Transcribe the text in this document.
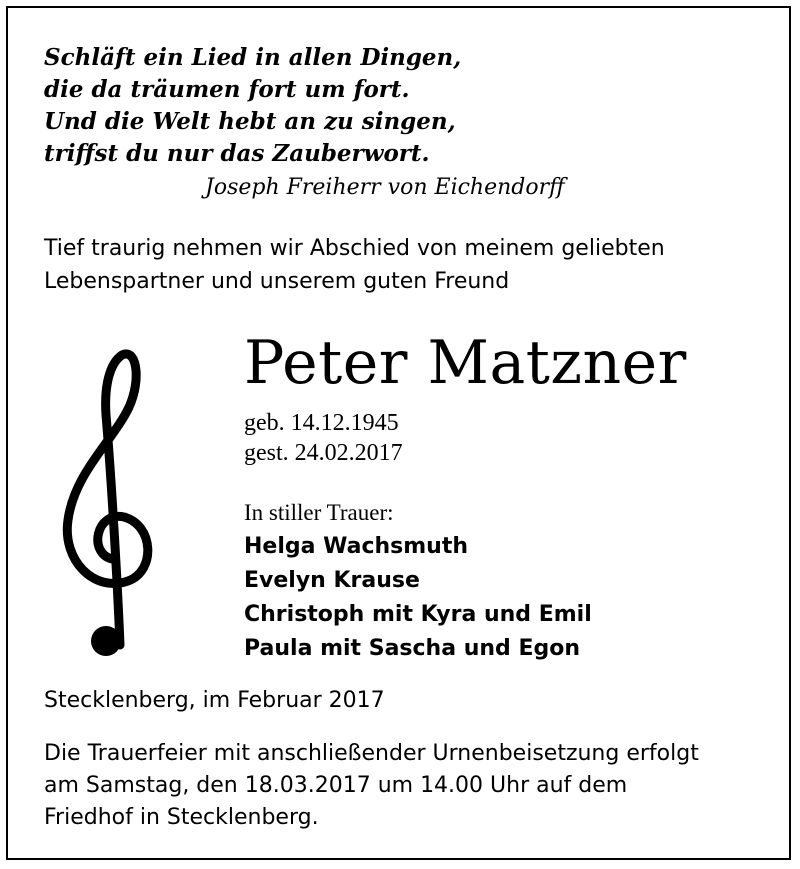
Schläft ein Lied in allen Dingen,
die da träumen fort um fort.
Und die Welt hebt an zu singen,
triffst du nur das Zauberwort.
Joseph Freiherr von Eichendorff
Tief traurig nehmen wir Abschied von meinem geliebten
Lebenspartner und unserem guten Freund
Peter Matzner
geb. 14.12.1945
gest. 24.02.2017
In stiller Trauer:
Helga Wachsmuth
Evelyn Krause
Christoph mit Kyra und Emil
Paula mit Sascha und Egon
Stecklenberg, im Februar 2017
Die Trauerfeier mit anschließender Urnenbeisetzung erfolgt
am Samstag, den 18.03.2017 um 14.00 Uhr auf dem
Friedhof in Stecklenberg.
